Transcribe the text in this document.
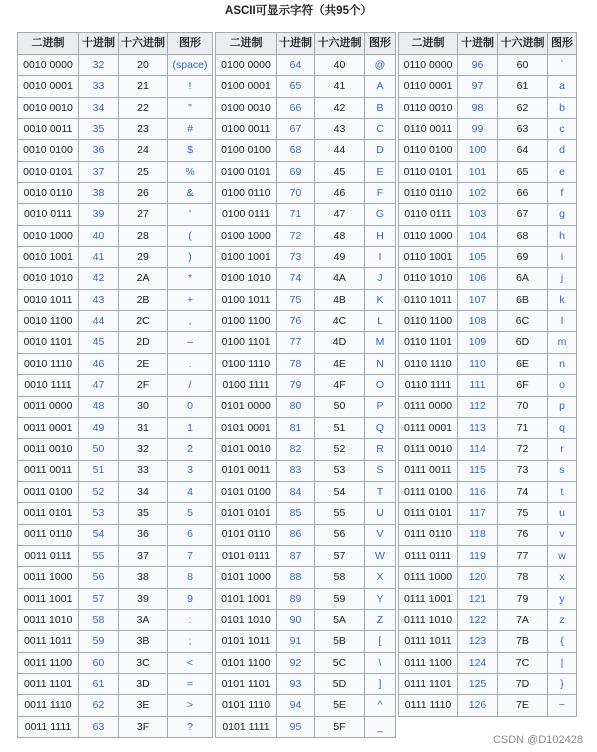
ASCII可显示字符（共95个）
二进制	十进制	十六进制	图形
0010 0000	32	20	(space)
0010 0001	33	21	!
0010 0010	34	22	"
0010 0011	35	23	#
0010 0100	36	24	$
0010 0101	37	25	%
0010 0110	38	26	&
0010 0111	39	27	'
0010 1000	40	28	(
0010 1001	41	29	)
0010 1010	42	2A	*
0010 1011	43	2B	+
0010 1100	44	2C	,
0010 1101	45	2D	–
0010 1110	46	2E	.
0010 1111	47	2F	/
0011 0000	48	30	0
0011 0001	49	31	1
0011 0010	50	32	2
0011 0011	51	33	3
0011 0100	52	34	4
0011 0101	53	35	5
0011 0110	54	36	6
0011 0111	55	37	7
0011 1000	56	38	8
0011 1001	57	39	9
0011 1010	58	3A	:
0011 1011	59	3B	;
0011 1100	60	3C	<
0011 1101	61	3D	=
0011 1110	62	3E	>
0011 1111	63	3F	?
二进制	十进制	十六进制	图形
0100 0000	64	40	@
0100 0001	65	41	A
0100 0010	66	42	B
0100 0011	67	43	C
0100 0100	68	44	D
0100 0101	69	45	E
0100 0110	70	46	F
0100 0111	71	47	G
0100 1000	72	48	H
0100 1001	73	49	I
0100 1010	74	4A	J
0100 1011	75	4B	K
0100 1100	76	4C	L
0100 1101	77	4D	M
0100 1110	78	4E	N
0100 1111	79	4F	O
0101 0000	80	50	P
0101 0001	81	51	Q
0101 0010	82	52	R
0101 0011	83	53	S
0101 0100	84	54	T
0101 0101	85	55	U
0101 0110	86	56	V
0101 0111	87	57	W
0101 1000	88	58	X
0101 1001	89	59	Y
0101 1010	90	5A	Z
0101 1011	91	5B	[
0101 1100	92	5C	\
0101 1101	93	5D	]
0101 1110	94	5E	^
0101 1111	95	5F	_
二进制	十进制	十六进制	图形
0110 0000	96	60	`
0110 0001	97	61	a
0110 0010	98	62	b
0110 0011	99	63	c
0110 0100	100	64	d
0110 0101	101	65	e
0110 0110	102	66	f
0110 0111	103	67	g
0110 1000	104	68	h
0110 1001	105	69	i
0110 1010	106	6A	j
0110 1011	107	6B	k
0110 1100	108	6C	l
0110 1101	109	6D	m
0110 1110	110	6E	n
0110 1111	111	6F	o
0111 0000	112	70	p
0111 0001	113	71	q
0111 0010	114	72	r
0111 0011	115	73	s
0111 0100	116	74	t
0111 0101	117	75	u
0111 0110	118	76	v
0111 0111	119	77	w
0111 1000	120	78	x
0111 1001	121	79	y
0111 1010	122	7A	z
0111 1011	123	7B	{
0111 1100	124	7C	|
0111 1101	125	7D	}
0111 1110	126	7E	~
CSDN @D102428
